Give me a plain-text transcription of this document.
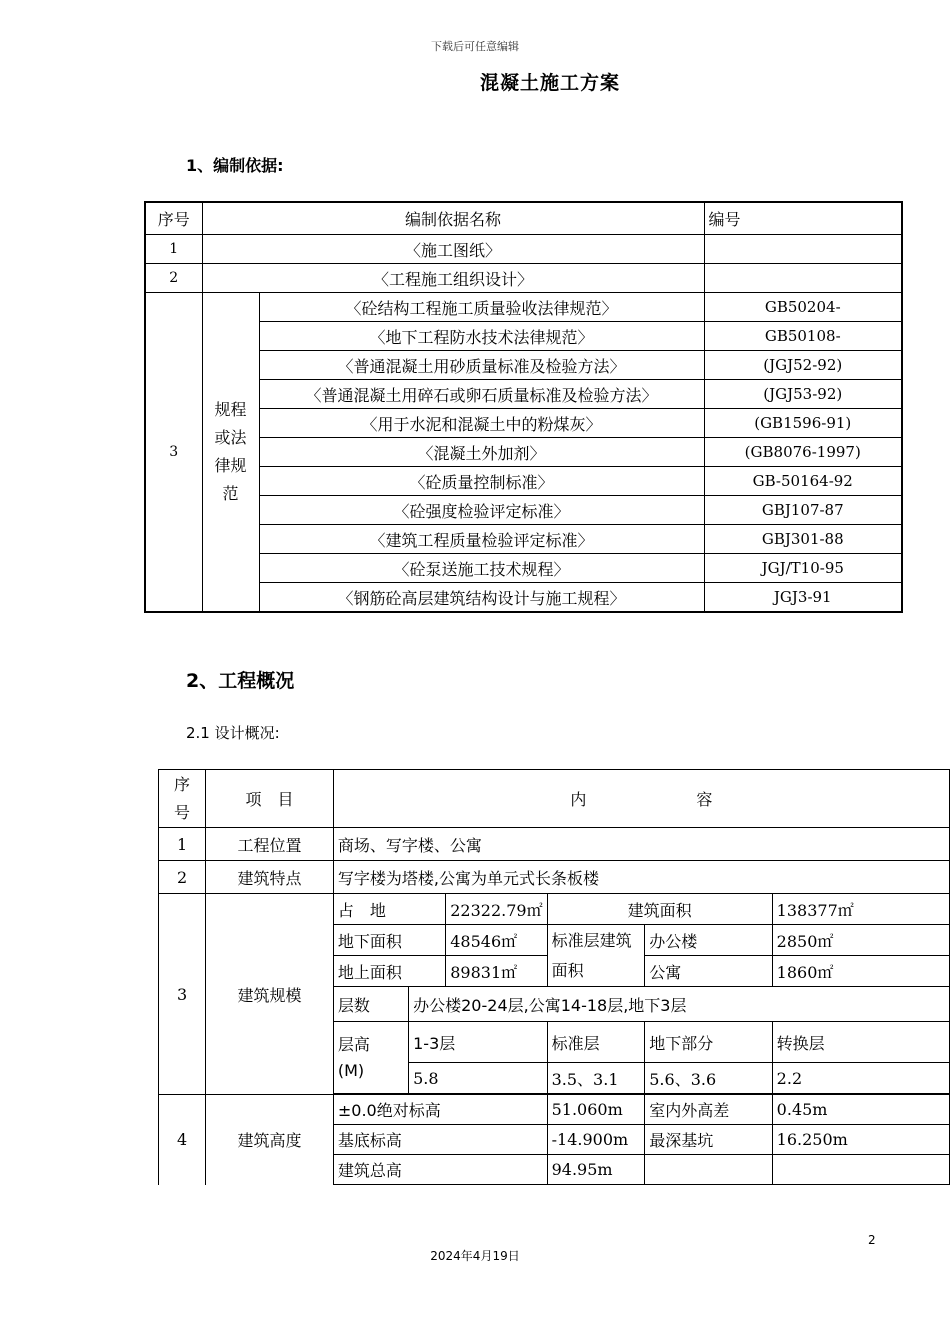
下载后可任意编辑
混凝土施工方案
1、编制依据:
序号	编制依据名称		编号
1	〈施工图纸〉		
2	〈工程施工组织设计〉		
3	规程或法律规范	〈砼结构工程施工质量验收法律规范〉	GB50204-
		〈地下工程防水技术法律规范〉	GB50108-
		〈普通混凝土用砂质量标准及检验方法〉	(JGJ52-92)
		〈普通混凝土用碎石或卵石质量标准及检验方法〉	(JGJ53-92)
		〈用于水泥和混凝土中的粉煤灰〉	(GB1596-91)
		〈混凝土外加剂〉	(GB8076-1997)
		〈砼质量控制标准〉	GB-50164-92
		〈砼强度检验评定标准〉	GBJ107-87
		〈建筑工程质量检验评定标准〉	GBJ301-88
		〈砼泵送施工技术规程〉	JGJ/T10-95
		〈钢筋砼高层建筑结构设计与施工规程〉	JGJ3-91
2、工程概况
2.1 设计概况:
序号	项　目	内 容					
1	工程位置	商场、写字楼、公寓					
2	建筑特点	写字楼为塔楼,公寓为单元式长条板楼					
3	建筑规模	占　地		22322.79㎡	建筑面积		138377㎡
		地下面积		48546㎡	标准层建筑面积	办公楼	2850㎡
		地上面积		89831㎡		公寓	1860㎡
		层数	办公楼20-24层,公寓14-18层,地下3层				
		层高(M)	1-3层		标准层	地下部分	转换层
			5.8		3.5、3.1	5.6、3.6	2.2

4	建筑高度	±0.0绝对标高			51.060m	室内外高差	0.45m
		基底标高			-14.900m	最深基坑	16.250m
		建筑总高			94.95m		
2
2024年4月19日
